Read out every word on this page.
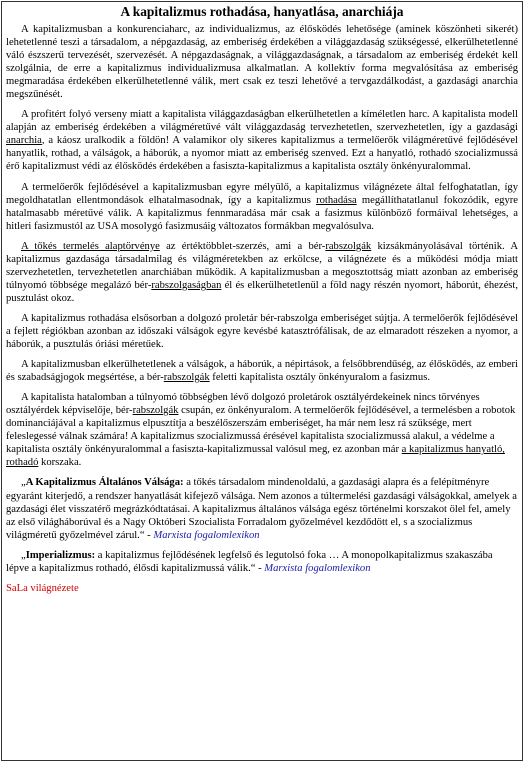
A kapitalizmus rothadása, hanyatlása, anarchiája

A kapitalizmusban a konkurenciaharc, az individualizmus, az élősködés lehetősége (aminek köszönheti sikerét) lehetetlenné teszi a társadalom, a népgazdaság, az emberiség érdekében a világgazdaság szükségessé, elkerülhetetlenné váló észszerű tervezését, szervezését. A népgazdaságnak, a világgazdaságnak, a társadalom az emberiség érdekét kell szolgálnia, de erre a kapitalizmus individualizmusa alkalmatlan. A kollektív forma megvalósítása az emberiség megmaradása érdekében elkerülhetetlenné válik, mert csak ez teszi lehetővé a tervgazdálkodást, a gazdasági anarchia megszűnését.

A profitért folyó verseny miatt a kapitalista világgazdaságban elkerülhetetlen a kíméletlen harc. A kapitalista modell alapján az emberiség érdekében a világméretűvé vált világgazdaság tervezhetetlen, szervezhetetlen, így a gazdasági anarchia, a káosz uralkodik a földön! A valamikor oly sikeres kapitalizmus a termelőerők világméretűvé fejlődésével hanyatlik, rothad, a válságok, a háborúk, a nyomor miatt az emberiség szenved. Ezt a hanyatló, rothadó szocializmussá érő kapitalizmust védi az élősködés érdekében a fasiszta-kapitalizmus a kapitalista osztály önkényuralommal.

A termelőerők fejlődésével a kapitalizmusban egyre mélyülő, a kapitalizmus világnézete által felfoghatatlan, így megoldhatatlan ellentmondások elhatalmasodnak, így a kapitalizmus rothadása megállíthatatlanul fokozódik, egyre hatalmasabb méretűvé válik. A kapitalizmus fennmaradása már csak a fasizmus különböző formáival lehetséges, a hitleri fasizmustól az USA mosolygó fasizmusáig változatos formákban megvalósulva.

A tőkés termelés alaptörvénye az értéktöbblet-szerzés, ami a bér-rabszolgák kizsákmányolásával történik. A kapitalizmus gazdasága társadalmilag és világméretekben az erkölcse, a világnézete és a működési módja miatt szervezhetetlen, tervezhetetlen anarchiában működik. A kapitalizmusban a megosztottság miatt azonban az emberiség túlnyomó többsége megalázó bér-rabszolgaságban él és elkerülhetetlenül a föld nagy részén nyomort, háborút, éhezést, pusztulást okoz.

A kapitalizmus rothadása elsősorban a dolgozó proletár bér-rabszolga emberiséget sújtja. A termelőerők fejlődésével a fejlett régiókban azonban az időszaki válságok egyre kevésbé katasztrófálisak, de az elmaradott részeken a nyomor, a háborúk, a pusztulás óriási méretűek.

A kapitalizmusban elkerülhetetlenek a válságok, a háborúk, a népirtások, a felsőbbrendűség, az élősködés, az emberi és szabadságjogok megsértése, a bér-rabszolgák feletti kapitalista osztály önkényuralom a fasizmus.

A kapitalista hatalomban a túlnyomó többségben lévő dolgozó proletárok osztályérdekeinek nincs törvényes osztályérdek képviselője, bér-rabszolgák csupán, ez önkényuralom. A termelőerők fejlődésével, a termelésben a robotok dominanciájával a kapitalizmus elpusztítja a beszélőszerszám emberiséget, ha már nem lesz rá szüksége, mert feleslegessé válnak számára! A kapitalizmus szocializmussá érésével kapitalista szocializmussá alakul, a védelme a kapitalista osztály önkényuralommal a fasiszta-kapitalizmussal valósul meg, ez azonban már a kapitalizmus hanyatló, rothadó korszaka.

„A Kapitalizmus Általános Válsága: a tőkés társadalom mindenoldalú, a gazdasági alapra és a felépítményre egyaránt kiterjedő, a rendszer hanyatlását kifejező válsága. Nem azonos a túltermelési gazdasági válságokkal, amelyek a gazdasági élet visszatérő megrázkódtatásai. A kapitalizmus általános válsága egész történelmi korszakot ölel fel, amely az első világháborúval és a Nagy Októberi Szocialista Forradalom győzelmével kezdődött el, s a szocializmus világméretű győzelmével zárul.“ - Marxista fogalomlexikon

„Imperializmus: a kapitalizmus fejlődésének legfelső és legutolsó foka … A monopolkapitalizmus szakaszába lépve a kapitalizmus rothadó, élősdi kapitalizmussá válik.“ - Marxista fogalomlexikon

SaLa világnézete
